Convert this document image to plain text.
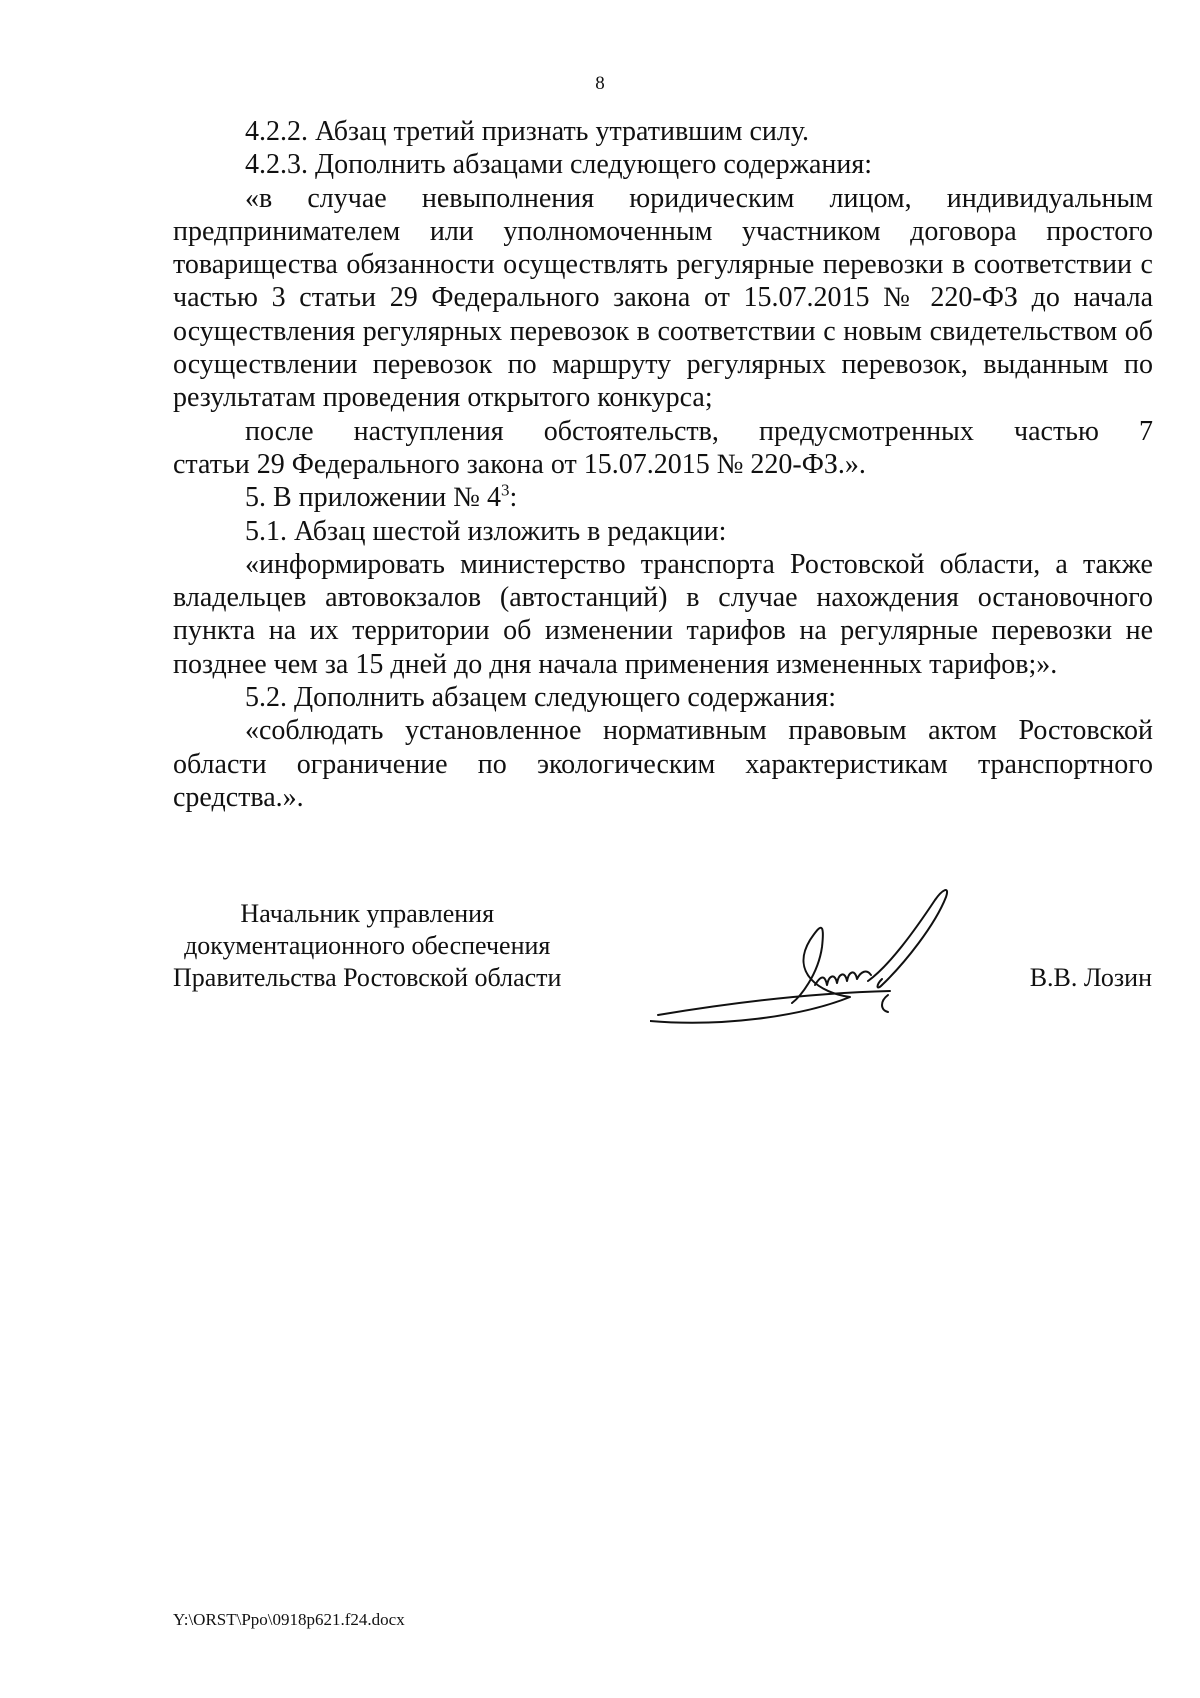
8

4.2.2. Абзац третий признать утратившим силу.

4.2.3. Дополнить абзацами следующего содержания:

«в случае невыполнения юридическим лицом, индивидуальным предпринимателем или уполномоченным участником договора простого товарищества обязанности осуществлять регулярные перевозки в соответствии с частью 3 статьи 29 Федерального закона от 15.07.2015 № 220-ФЗ до начала осуществления регулярных перевозок в соответствии с новым свидетельством об осуществлении перевозок по маршруту регулярных перевозок, выданным по результатам проведения открытого конкурса;

после наступления обстоятельств, предусмотренных частью 7

статьи 29 Федерального закона от 15.07.2015 № 220-ФЗ.».

5. В приложении № $4^3$:

5.1. Абзац шестой изложить в редакции:

«информировать министерство транспорта Ростовской области, а также владельцев автовокзалов (автостанций) в случае нахождения остановочного пункта на их территории об изменении тарифов на регулярные перевозки не позднее чем за 15 дней до дня начала применения измененных тарифов;».

5.2. Дополнить абзацем следующего содержания:

«соблюдать установленное нормативным правовым актом Ростовской области ограничение по экологическим характеристикам транспортного средства.».

Начальник управления
документационного обеспечения
Правительства Ростовской области	В.В. Лозин
Y:\ORST\Ppo\0918p621.f24.docx
